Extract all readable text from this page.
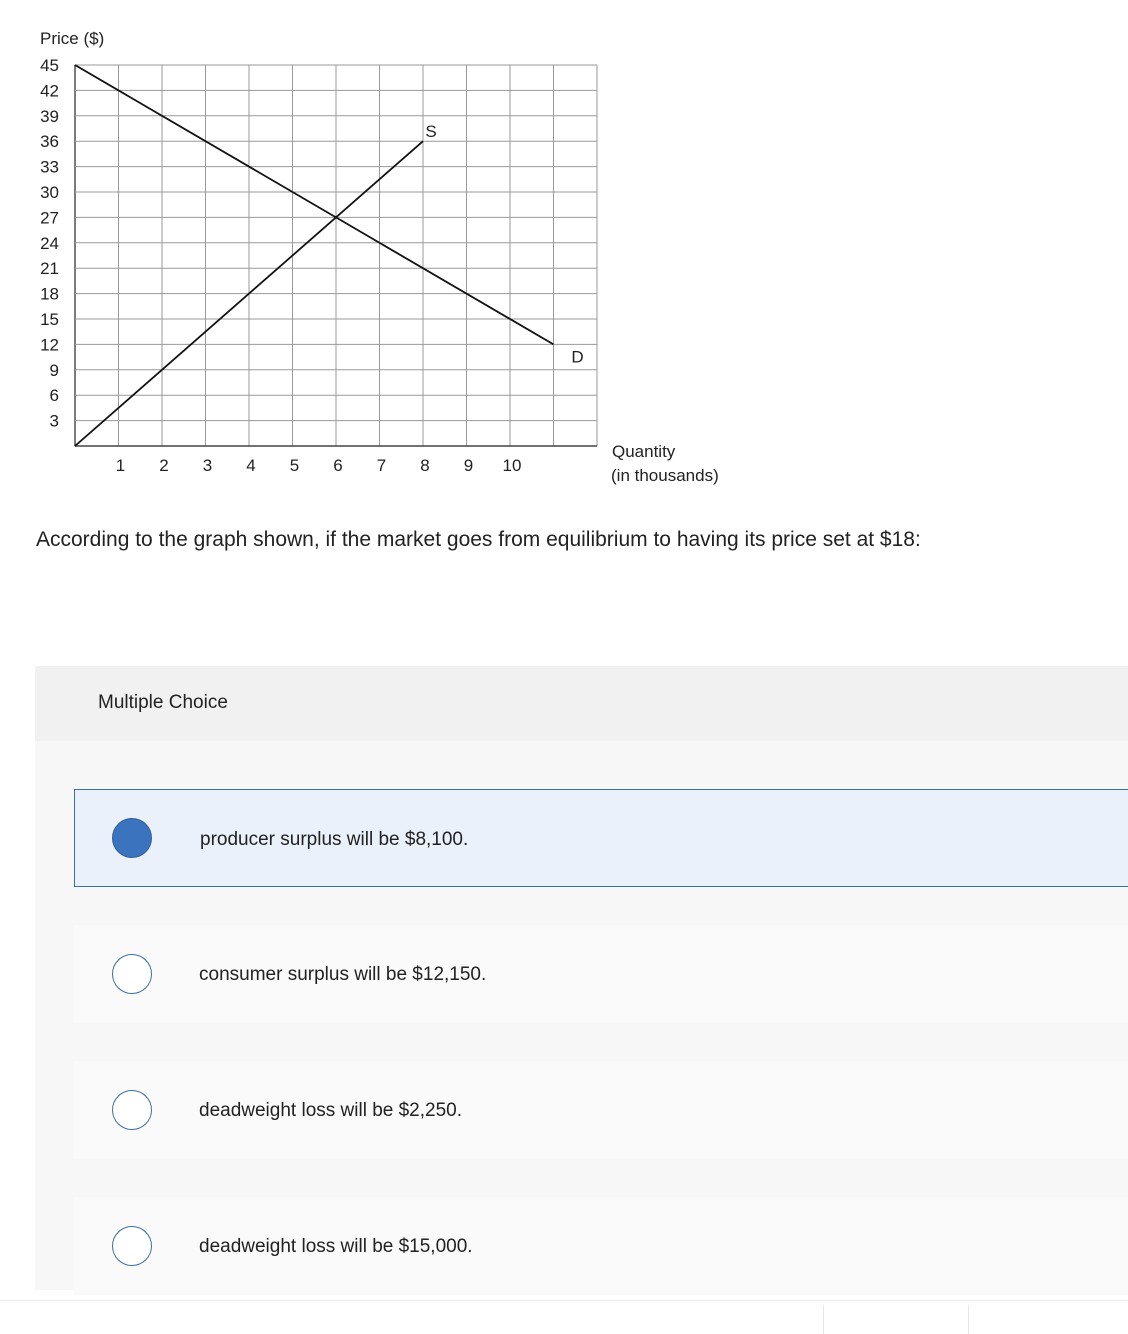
Price ($)
45
42
39
36
33
30
27
24
21
18
15
12
9
6
3
1 2 3 4 5 6 7 8 9 10
S
D
Quantity
(in thousands)
According to the graph shown, if the market goes from equilibrium to having its price set at $18:
Multiple Choice
producer surplus will be $8,100.
consumer surplus will be $12,150.
deadweight loss will be $2,250.
deadweight loss will be $15,000.
